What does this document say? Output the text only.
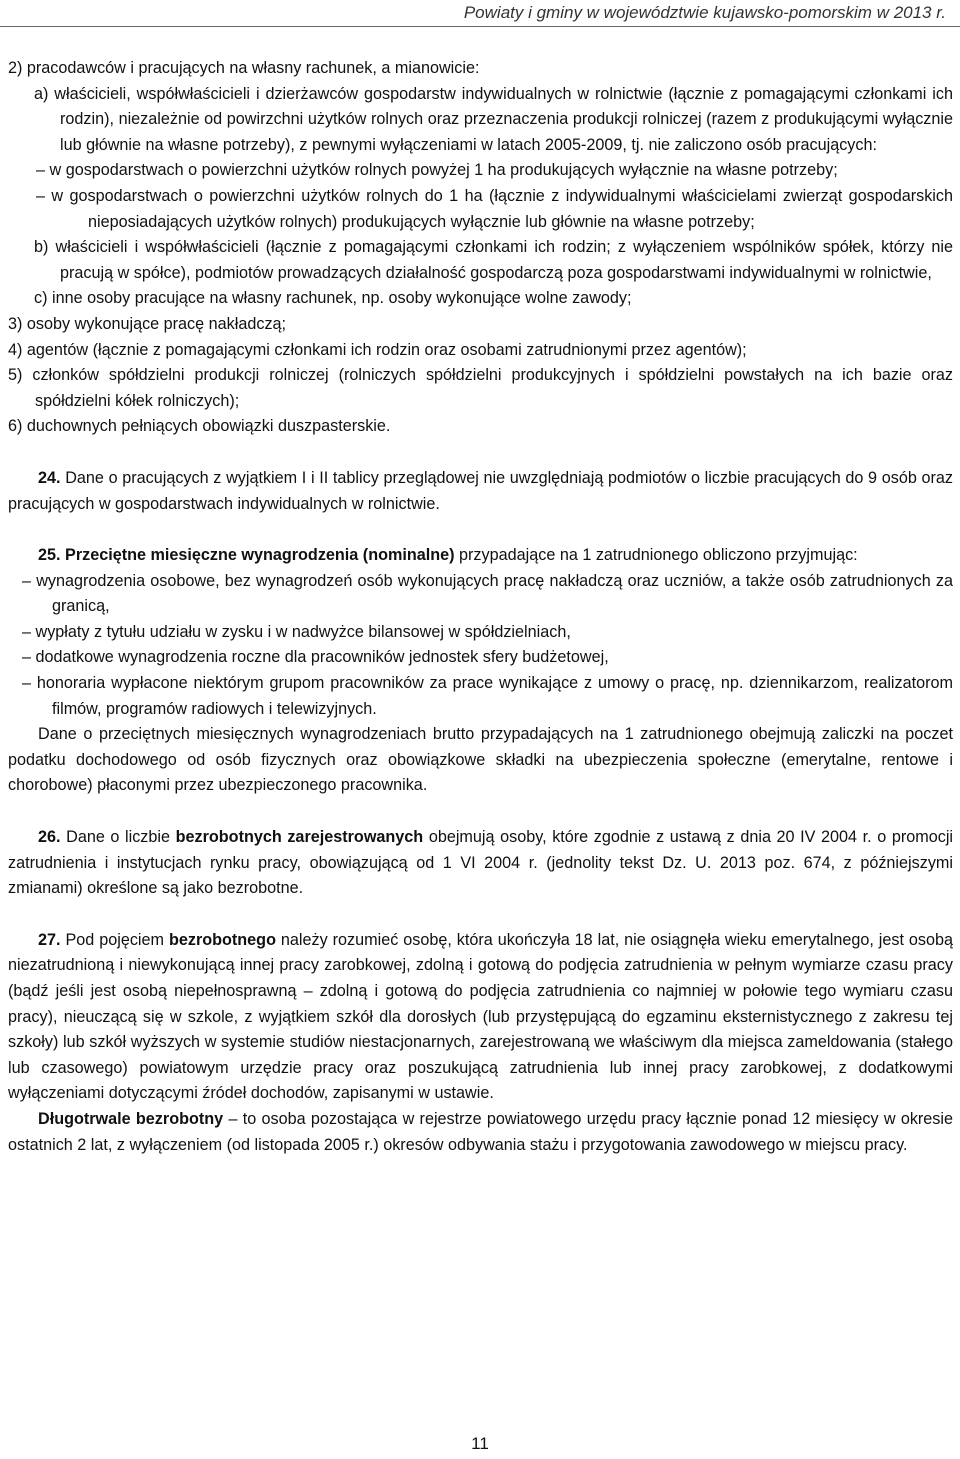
Powiaty i gminy w województwie kujawsko-pomorskim w 2013 r.

2) pracodawców i pracujących na własny rachunek, a mianowicie:

a) właścicieli, współwłaścicieli i dzierżawców gospodarstw indywidualnych w rolnictwie (łącznie z pomagającymi członkami ich rodzin), niezależnie od powirzchni użytków rolnych oraz przeznaczenia produkcji rolniczej (razem z produkującymi wyłącznie lub głównie na własne potrzeby), z pewnymi wyłączeniami w latach 2005-2009, tj. nie zaliczono osób pracujących:

– w gospodarstwach o powierzchni użytków rolnych powyżej 1 ha produkujących wyłącznie na własne potrzeby;

– w gospodarstwach o powierzchni użytków rolnych do 1 ha (łącznie z indywidualnymi właścicielami zwierząt gospodarskich nieposiadających użytków rolnych) produkujących wyłącznie lub głównie na własne potrzeby;

b) właścicieli i współwłaścicieli (łącznie z pomagającymi członkami ich rodzin; z wyłączeniem wspólników spółek, którzy nie pracują w spółce), podmiotów prowadzących działalność gospodarczą poza gospodarstwami indywidualnymi w rolnictwie,

c) inne osoby pracujące na własny rachunek, np. osoby wykonujące wolne zawody;

3) osoby wykonujące pracę nakładczą;

4) agentów (łącznie z pomagającymi członkami ich rodzin oraz osobami zatrudnionymi przez agentów);

5) członków spółdzielni produkcji rolniczej (rolniczych spółdzielni produkcyjnych i spółdzielni powstałych na ich bazie oraz spółdzielni kółek rolniczych);

6) duchownych pełniących obowiązki duszpasterskie.

24. Dane o pracujących z wyjątkiem I i II tablicy przeglądowej nie uwzględniają podmiotów o liczbie pracujących do 9 osób oraz pracujących w gospodarstwach indywidualnych w rolnictwie.

25. Przeciętne miesięczne wynagrodzenia (nominalne) przypadające na 1 zatrudnionego obliczono przyjmując:

– wynagrodzenia osobowe, bez wynagrodzeń osób wykonujących pracę nakładczą oraz uczniów, a także osób zatrudnionych za granicą,

– wypłaty z tytułu udziału w zysku i w nadwyżce bilansowej w spółdzielniach,

– dodatkowe wynagrodzenia roczne dla pracowników jednostek sfery budżetowej,

– honoraria wypłacone niektórym grupom pracowników za prace wynikające z umowy o pracę, np. dziennikarzom, realizatorom filmów, programów radiowych i telewizyjnych.

Dane o przeciętnych miesięcznych wynagrodzeniach brutto przypadających na 1 zatrudnionego obejmują zaliczki na poczet podatku dochodowego od osób fizycznych oraz obowiązkowe składki na ubezpieczenia społeczne (emerytalne, rentowe i chorobowe) płaconymi przez ubezpieczonego pracownika.

26. Dane o liczbie bezrobotnych zarejestrowanych obejmują osoby, które zgodnie z ustawą z dnia 20 IV 2004 r. o promocji zatrudnienia i instytucjach rynku pracy, obowiązującą od 1 VI 2004 r. (jednolity tekst Dz. U. 2013 poz. 674, z późniejszymi zmianami) określone są jako bezrobotne.

27. Pod pojęciem bezrobotnego należy rozumieć osobę, która ukończyła 18 lat, nie osiągnęła wieku emerytalnego, jest osobą niezatrudnioną i niewykonującą innej pracy zarobkowej, zdolną i gotową do podjęcia zatrudnienia w pełnym wymiarze czasu pracy (bądź jeśli jest osobą niepełnosprawną – zdolną i gotową do podjęcia zatrudnienia co najmniej w połowie tego wymiaru czasu pracy), nieuczącą się w szkole, z wyjątkiem szkół dla dorosłych (lub przystępującą do egzaminu eksternistycznego z zakresu tej szkoły) lub szkół wyższych w systemie studiów niestacjonarnych, zarejestrowaną we właściwym dla miejsca zameldowania (stałego lub czasowego) powiatowym urzędzie pracy oraz poszukującą zatrudnienia lub innej pracy zarobkowej, z dodatkowymi wyłączeniami dotyczącymi źródeł dochodów, zapisanymi w ustawie.

Długotrwale bezrobotny – to osoba pozostająca w rejestrze powiatowego urzędu pracy łącznie ponad 12 miesięcy w okresie ostatnich 2 lat, z wyłączeniem (od listopada 2005 r.) okresów odbywania stażu i przygotowania zawodowego w miejscu pracy.

11
